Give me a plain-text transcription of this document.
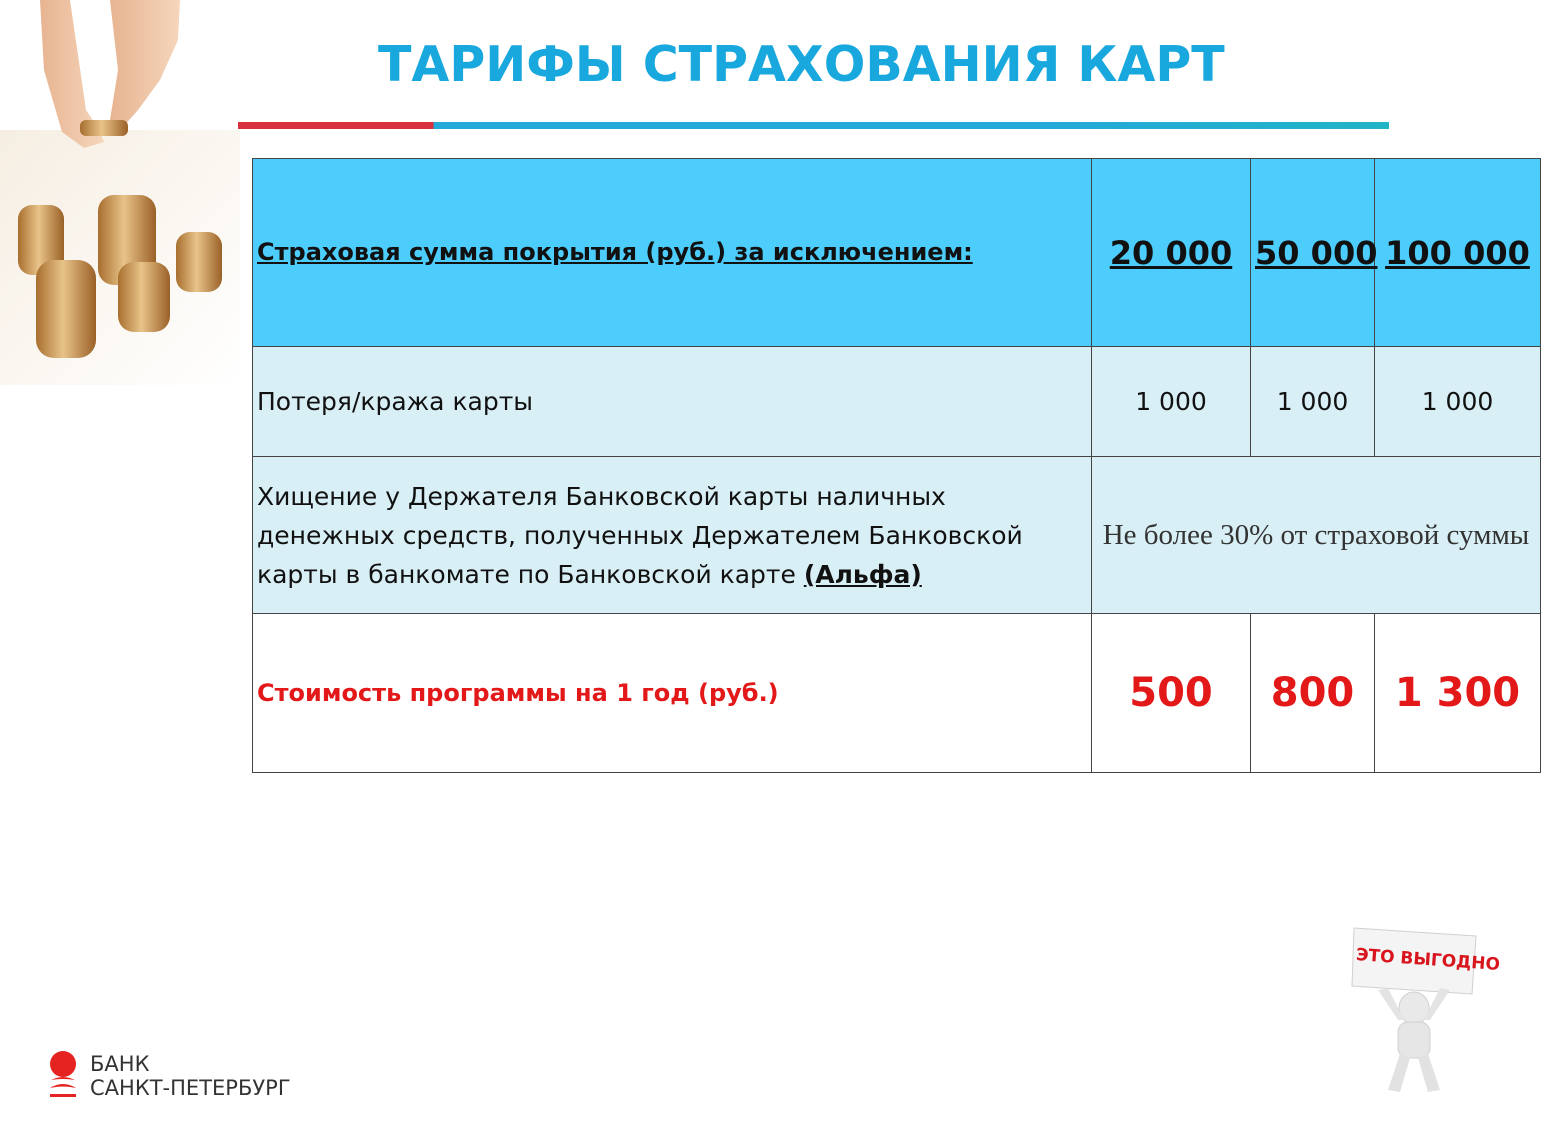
ТАРИФЫ СТРАХОВАНИЯ КАРТ
Страховая сумма покрытия (руб.) за исключением:	20 000	50 000	100 000
Потеря/кража карты	1 000	1 000	1 000

Хищение у Держателя Банковской карты наличных денежных средств, полученных Держателем Банковской карты в банкомате по Банковской карте (Альфа)	Не более 30% от страховой суммы		
Стоимость программы на 1 год (руб.)	500	800	1 300
БАНК
САНКТ-ПЕТЕРБУРГ
ЭТО ВЫГОДНО
